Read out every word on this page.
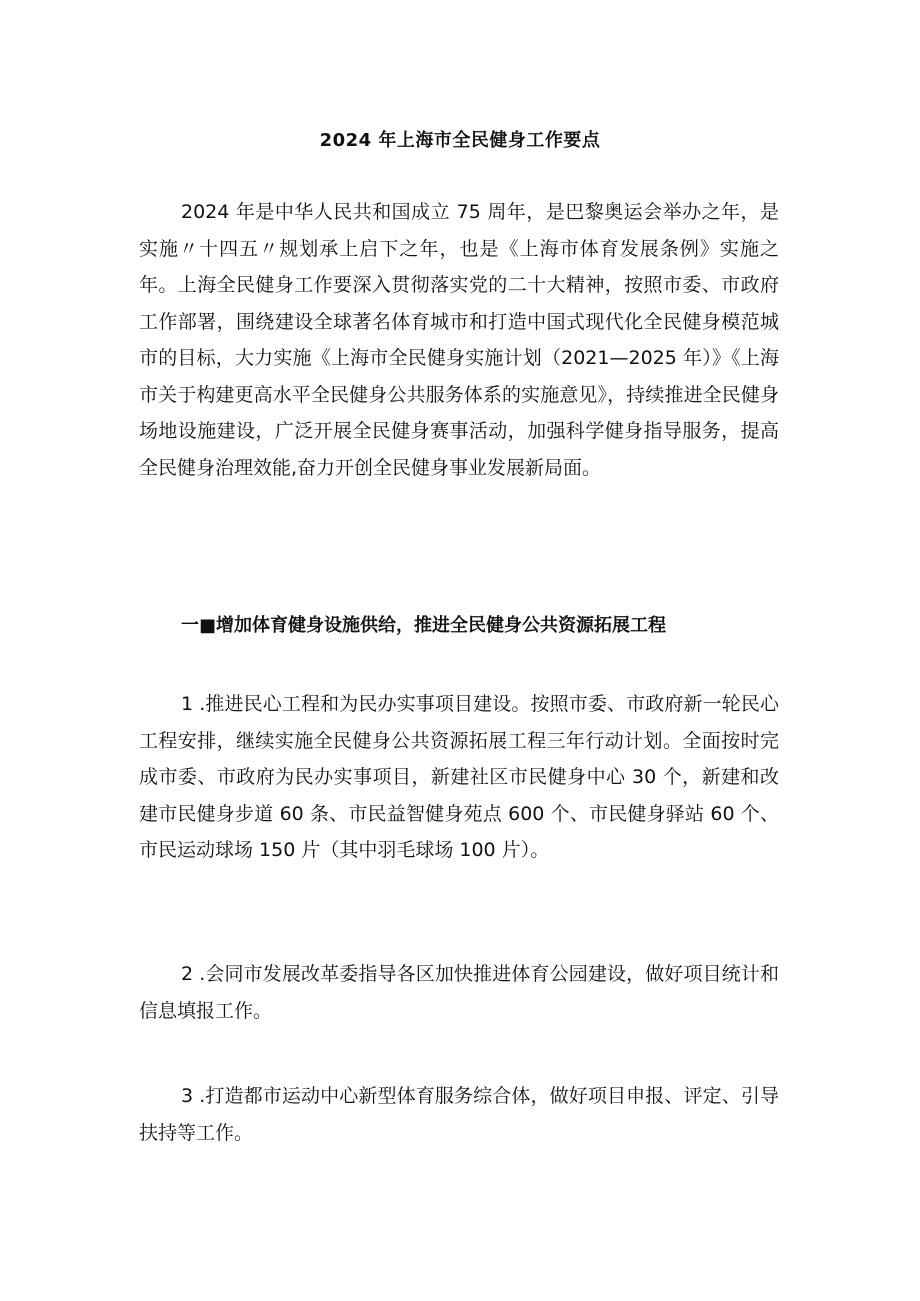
2024 年上海市全民健身工作要点

2024 年是中华人民共和国成立 75 周年，是巴黎奥运会举办之年，是实施〃十四五〃规划承上启下之年，也是《上海市体育发展条例》实施之年。上海全民健身工作要深入贯彻落实党的二十大精神，按照市委、市政府工作部署，围绕建设全球著名体育城市和打造中国式现代化全民健身模范城市的目标，大力实施《上海市全民健身实施计划（2021—2025 年）》《上海市关于构建更高水平全民健身公共服务体系的实施意见》，持续推进全民健身场地设施建设，广泛开展全民健身赛事活动，加强科学健身指导服务，提高全民健身治理效能,奋力开创全民健身事业发展新局面。

一■增加体育健身设施供给，推进全民健身公共资源拓展工程

1 .推进民心工程和为民办实事项目建设。按照市委、市政府新一轮民心工程安排，继续实施全民健身公共资源拓展工程三年行动计划。全面按时完成市委、市政府为民办实事项目，新建社区市民健身中心 30 个，新建和改建市民健身步道 60 条、市民益智健身苑点 600 个、市民健身驿站 60 个、市民运动球场 150 片（其中羽毛球场 100 片）。

2 .会同市发展改革委指导各区加快推进体育公园建设，做好项目统计和信息填报工作。

3 .打造都市运动中心新型体育服务综合体，做好项目申报、评定、引导扶持等工作。
